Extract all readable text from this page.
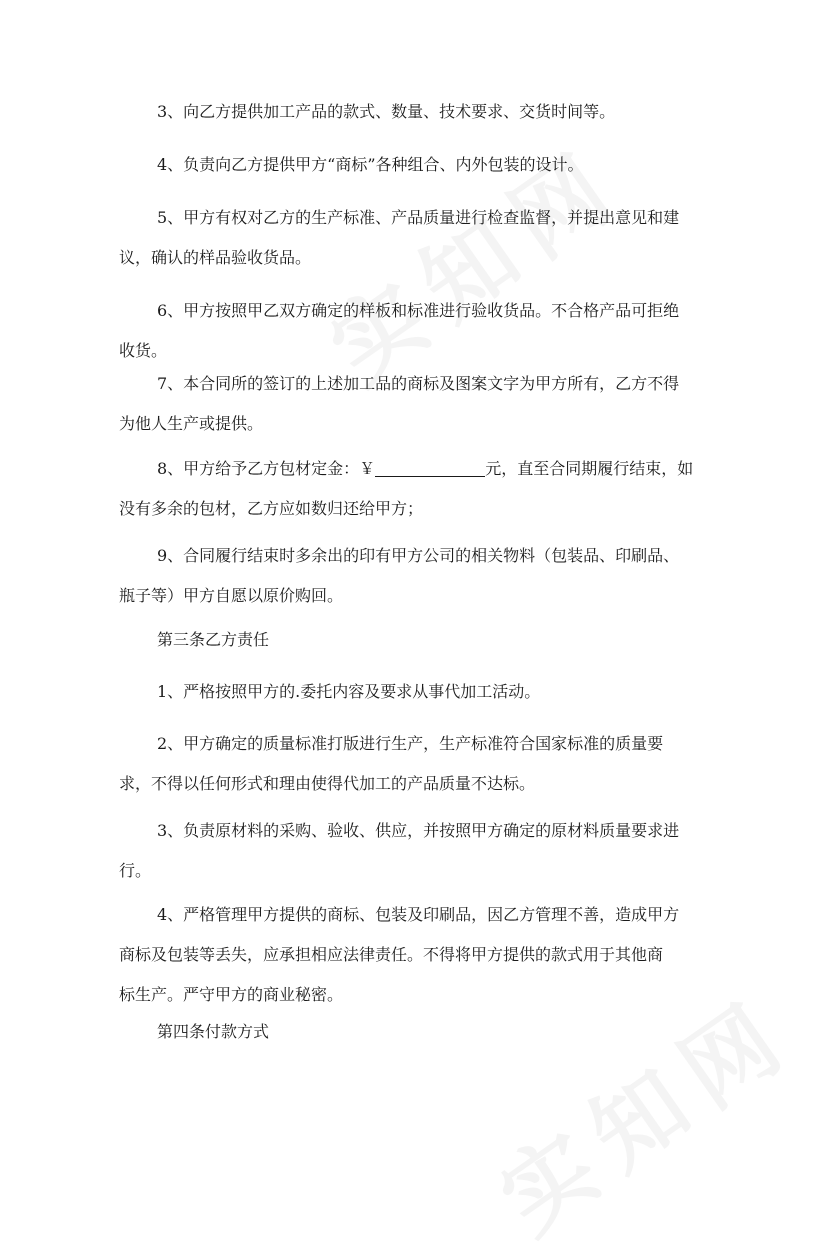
3、向乙方提供加工产品的款式、数量、技术要求、交货时间等。

4、负责向乙方提供甲方“商标”各种组合、内外包装的设计。

5、甲方有权对乙方的生产标准、产品质量进行检查监督，并提出意见和建
议，确认的样品验收货品。

6、甲方按照甲乙双方确定的样板和标准进行验收货品。不合格产品可拒绝
收货。

7、本合同所的签订的上述加工品的商标及图案文字为甲方所有，乙方不得
为他人生产或提供。

8、甲方给予乙方包材定金：￥	元，直至合同期履行结束，如
没有多余的包材，乙方应如数归还给甲方；

9、合同履行结束时多余出的印有甲方公司的相关物料（包装品、印刷品、
瓶子等）甲方自愿以原价购回。

第三条乙方责任

1、严格按照甲方的.委托内容及要求从事代加工活动。

2、甲方确定的质量标准打版进行生产，生产标准符合国家标准的质量要
求，不得以任何形式和理由使得代加工的产品质量不达标。

3、负责原材料的采购、验收、供应，并按照甲方确定的原材料质量要求进
行。

4、严格管理甲方提供的商标、包装及印刷品，因乙方管理不善，造成甲方
商标及包装等丢失，应承担相应法律责任。不得将甲方提供的款式用于其他商
标生产。严守甲方的商业秘密。

第四条付款方式
